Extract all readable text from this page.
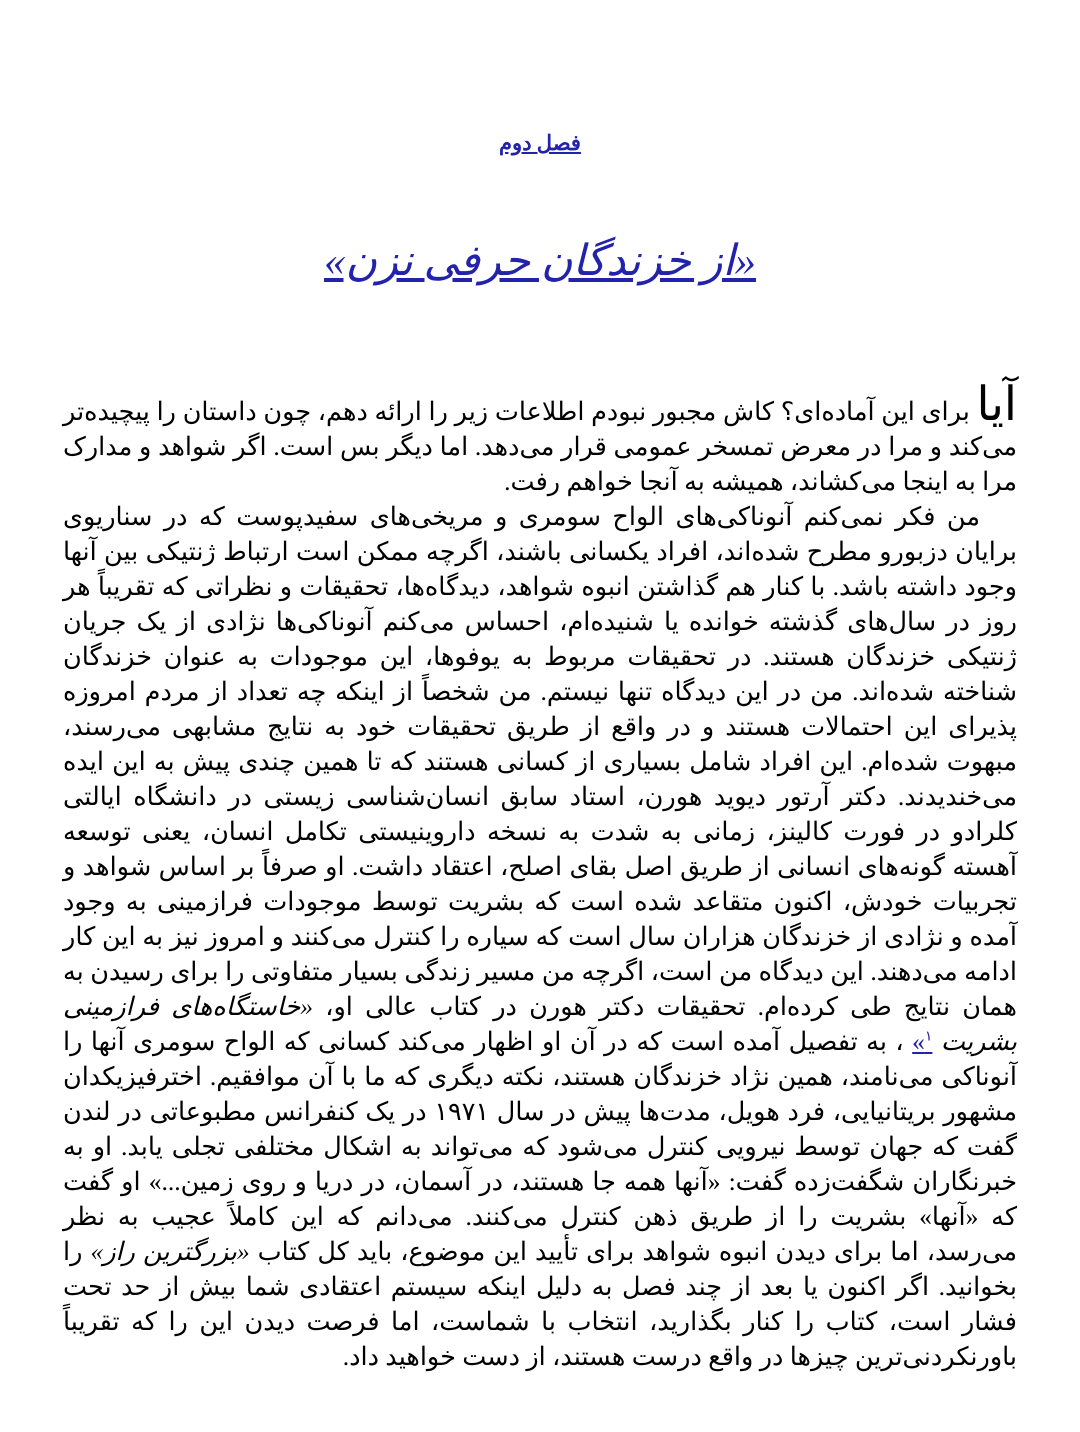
فصل دوم
«از خزندگان حرفی نزن»

آیا برای این آماده‌ای؟ کاش مجبور نبودم اطلاعات زیر را ارائه دهم، چون داستان را پیچیده‌تر می‌کند و مرا در معرض تمسخر عمومی قرار می‌دهد. اما دیگر بس است. اگر شواهد و مدارک مرا به اینجا می‌کشاند، همیشه به آنجا خواهم رفت.

من فکر نمی‌کنم آنوناکی‌های الواح سومری و مریخی‌های سفیدپوست که در سناریوی برایان دزبورو مطرح شده‌اند، افراد یکسانی باشند، اگرچه ممکن است ارتباط ژنتیکی بین آنها وجود داشته باشد. با کنار هم گذاشتن انبوه شواهد، دیدگاه‌ها، تحقیقات و نظراتی که تقریباً هر روز در سال‌های گذشته خوانده یا شنیده‌ام، احساس می‌کنم آنوناکی‌ها نژادی از یک جریان ژنتیکی خزندگان هستند. در تحقیقات مربوط به یوفوها، این موجودات به عنوان خزندگان شناخته شده‌اند. من در این دیدگاه تنها نیستم. من شخصاً از اینکه چه تعداد از مردم امروزه پذیرای این احتمالات هستند و در واقع از طریق تحقیقات خود به نتایج مشابهی می‌رسند، مبهوت شده‌ام. این افراد شامل بسیاری از کسانی هستند که تا همین چندی پیش به این ایده می‌خندیدند. دکتر آرتور دیوید هورن، استاد سابق انسان‌شناسی زیستی در دانشگاه ایالتی کلرادو در فورت کالینز، زمانی به شدت به نسخه داروینیستی تکامل انسان، یعنی توسعه آهسته گونه‌های انسانی از طریق اصل بقای اصلح، اعتقاد داشت. او صرفاً بر اساس شواهد و تجربیات خودش، اکنون متقاعد شده است که بشریت توسط موجودات فرازمینی به وجود آمده و نژادی از خزندگان هزاران سال است که سیاره را کنترل می‌کنند و امروز نیز به این کار ادامه می‌دهند. این دیدگاه من است، اگرچه من مسیر زندگی بسیار متفاوتی را برای رسیدن به همان نتایج طی کرده‌ام. تحقیقات دکتر هورن در کتاب عالی او، «خاستگاه‌های فرازمینی بشریت $^۱$» ، به تفصیل آمده است که در آن او اظهار می‌کند کسانی که الواح سومری آنها را آنوناکی می‌نامند، همین نژاد خزندگان هستند، نکته دیگری که ما با آن موافقیم. اخترفیزیکدان مشهور بریتانیایی، فرد هویل، مدت‌ها پیش در سال ۱۹۷۱ در یک کنفرانس مطبوعاتی در لندن گفت که جهان توسط نیرویی کنترل می‌شود که می‌تواند به اشکال مختلفی تجلی یابد. او به خبرنگاران شگفت‌زده گفت: «آنها همه جا هستند، در آسمان، در دریا و روی زمین...» او گفت که «آنها» بشریت را از طریق ذهن کنترل می‌کنند. می‌دانم که این کاملاً عجیب به نظر می‌رسد، اما برای دیدن انبوه شواهد برای تأیید این موضوع، باید کل کتاب «بزرگترین راز» را بخوانید. اگر اکنون یا بعد از چند فصل به دلیل اینکه سیستم اعتقادی شما بیش از حد تحت فشار است، کتاب را کنار بگذارید، انتخاب با شماست، اما فرصت دیدن این را که تقریباً باورنکردنی‌ترین چیزها در واقع درست هستند، از دست خواهید داد.
